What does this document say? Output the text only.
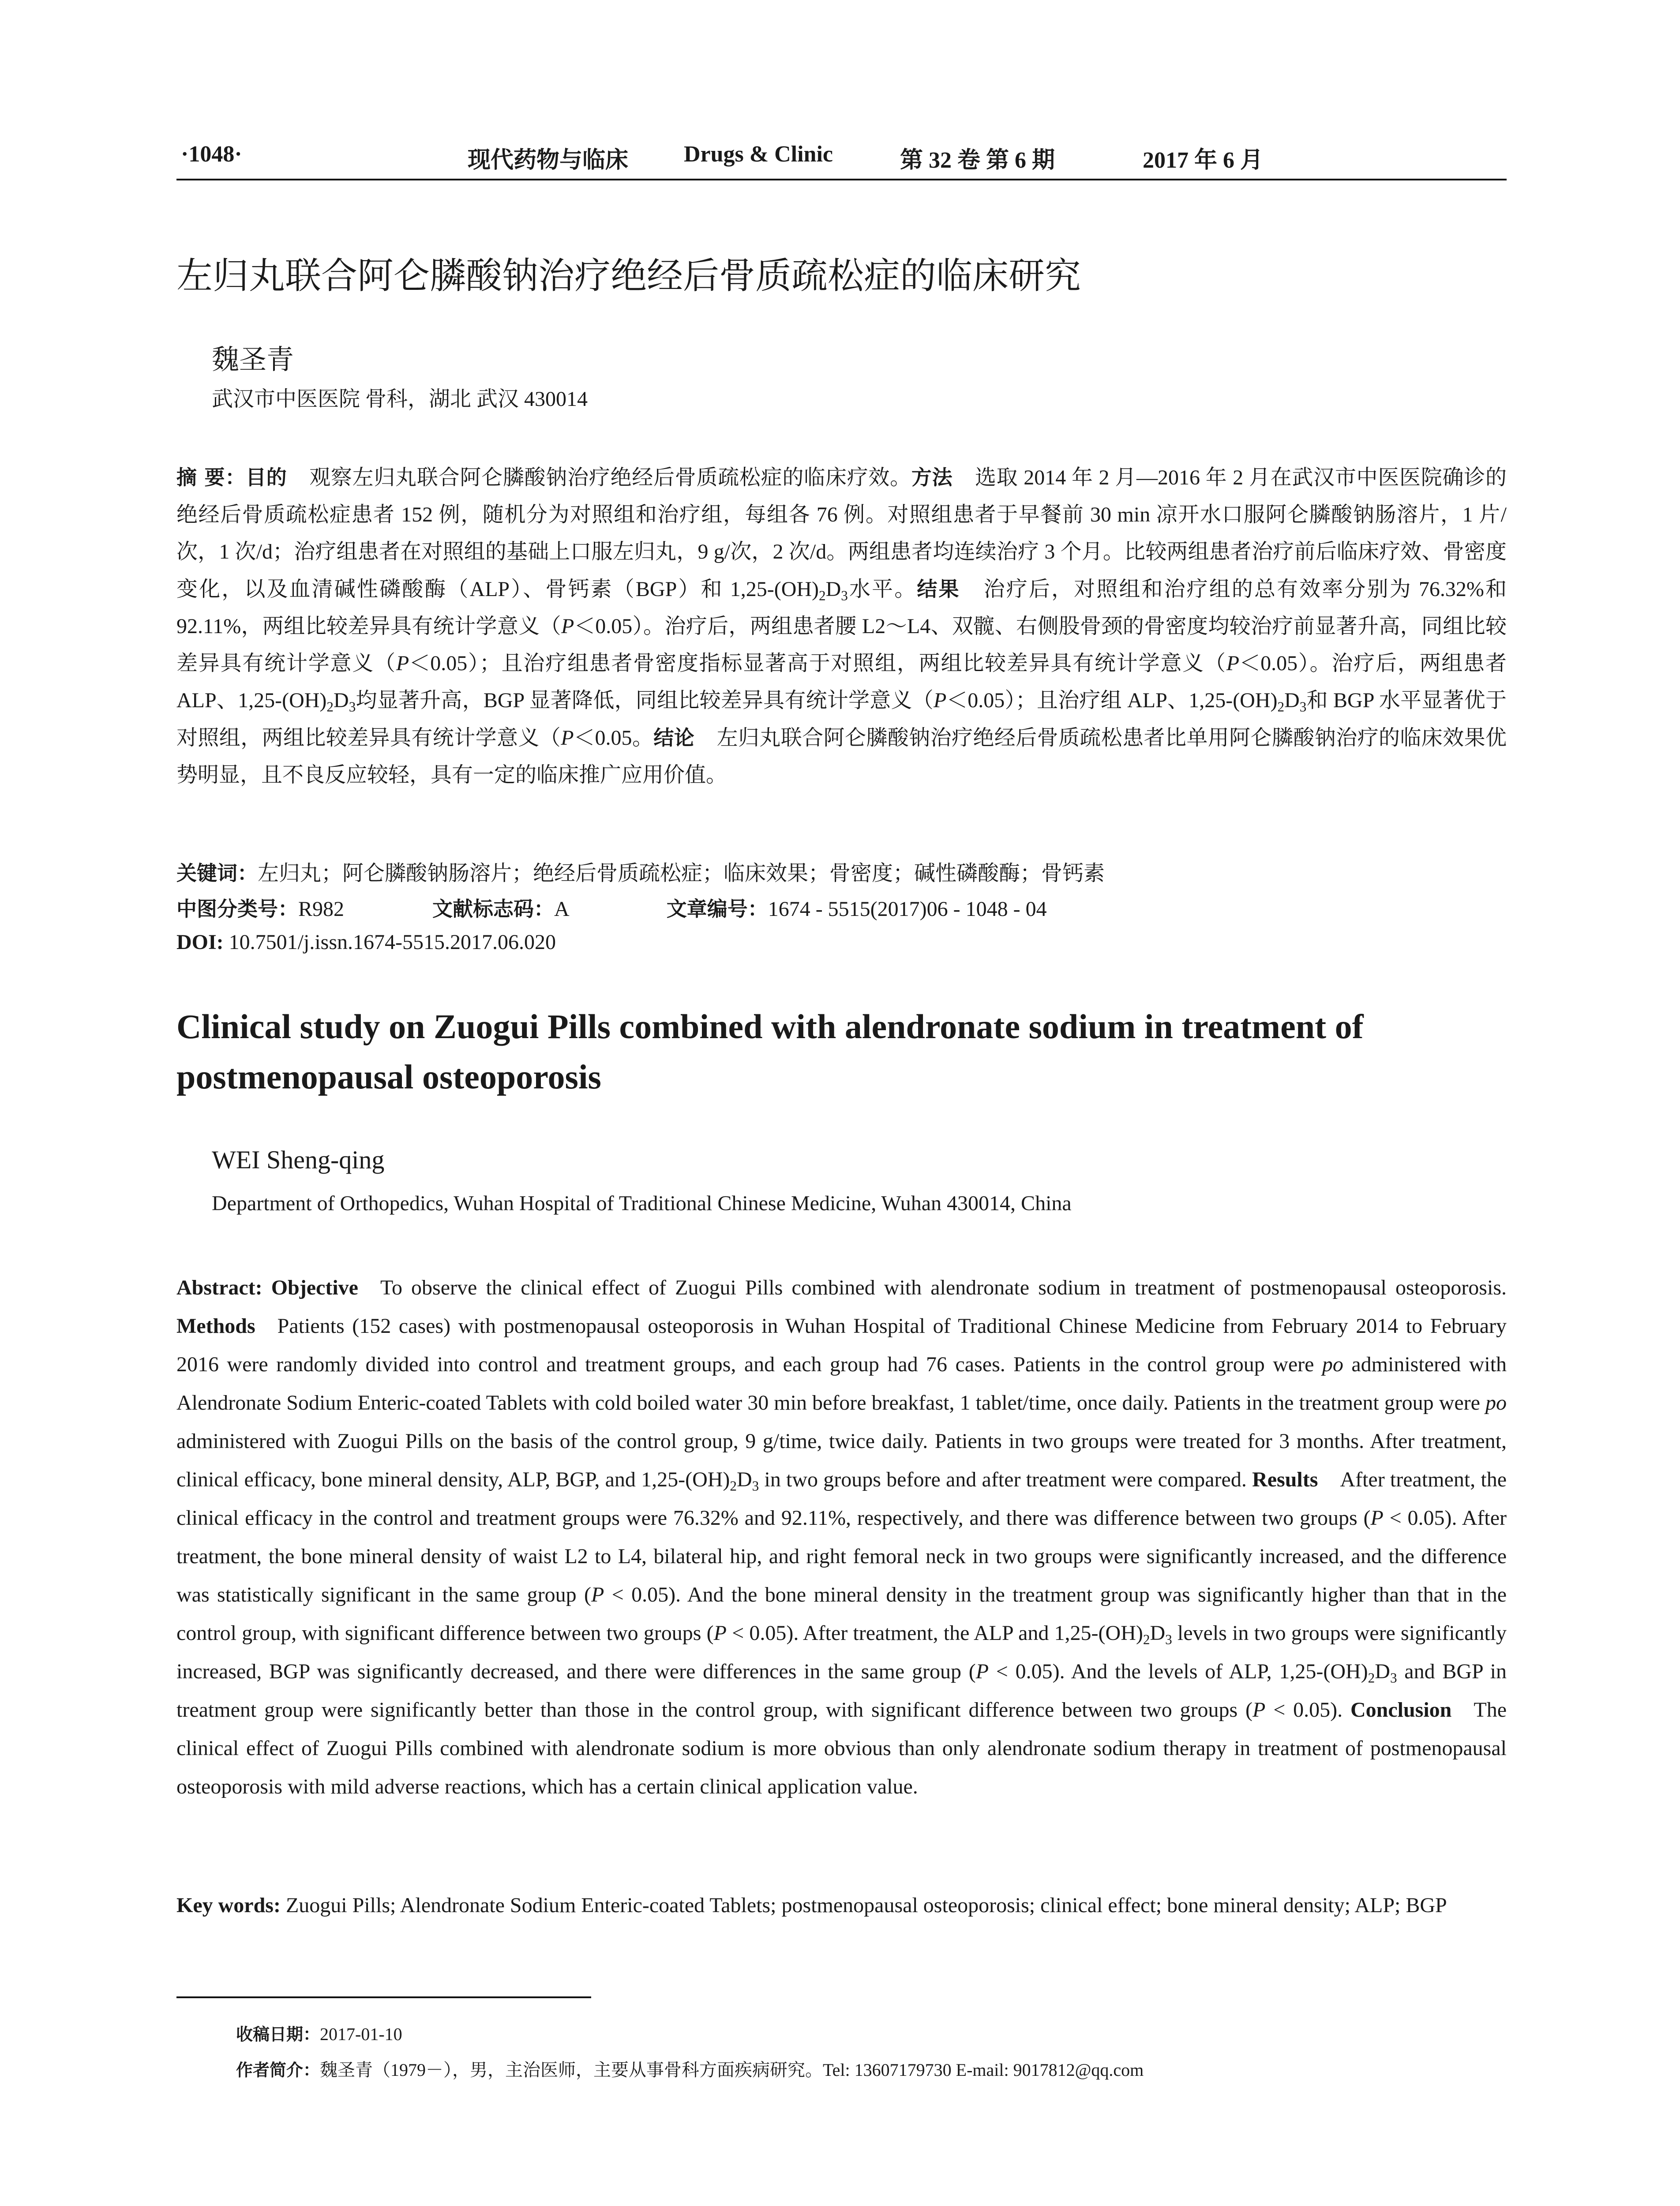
·1048·	现代药物与临床 Drugs & Clinic	第 32 卷 第 6 期	2017 年 6 月
左归丸联合阿仑膦酸钠治疗绝经后骨质疏松症的临床研究

魏圣青

武汉市中医医院 骨科，湖北 武汉 430014

摘 要：目的 观察左归丸联合阿仑膦酸钠治疗绝经后骨质疏松症的临床疗效。方法 选取 2014 年 2 月—2016 年 2 月在武汉市中医医院确诊的绝经后骨质疏松症患者 152 例，随机分为对照组和治疗组，每组各 76 例。对照组患者于早餐前 30 min 凉开水口服阿仑膦酸钠肠溶片，1 片/次，1 次/d；治疗组患者在对照组的基础上口服左归丸，9 g/次，2 次/d。两组患者均连续治疗 3 个月。比较两组患者治疗前后临床疗效、骨密度变化，以及血清碱性磷酸酶（ALP）、骨钙素（BGP）和 $1,25-(OH)_2D_3$水平。结果 治疗后，对照组和治疗组的总有效率分别为 76.32%和 92.11%，两组比较差异具有统计学意义（P＜0.05）。治疗后，两组患者腰 L2～L4、双髋、右侧股骨颈的骨密度均较治疗前显著升高，同组比较差异具有统计学意义（P＜0.05）；且治疗组患者骨密度指标显著高于对照组，两组比较差异具有统计学意义（P＜0.05）。治疗后，两组患者 ALP、$1,25-(OH)_2D_3$均显著升高，BGP 显著降低，同组比较差异具有统计学意义（P＜0.05）；且治疗组 ALP、$1,25-(OH)_2D_3$和 BGP 水平显著优于对照组，两组比较差异具有统计学意义（P＜0.05。结论 左归丸联合阿仑膦酸钠治疗绝经后骨质疏松患者比单用阿仑膦酸钠治疗的临床效果优势明显，且不良反应较轻，具有一定的临床推广应用价值。

关键词：左归丸；阿仑膦酸钠肠溶片；绝经后骨质疏松症；临床效果；骨密度；碱性磷酸酶；骨钙素

中图分类号：R982	文献标志码：A	文章编号：1674 - 5515(2017)06 - 1048 - 04

DOI: 10.7501/j.issn.1674-5515.2017.06.020

Clinical study on Zuogui Pills combined with alendronate sodium in treatment of postmenopausal osteoporosis

WEI Sheng-qing

Department of Orthopedics, Wuhan Hospital of Traditional Chinese Medicine, Wuhan 430014, China

Abstract: Objective To observe the clinical effect of Zuogui Pills combined with alendronate sodium in treatment of postmenopausal osteoporosis. Methods Patients (152 cases) with postmenopausal osteoporosis in Wuhan Hospital of Traditional Chinese Medicine from February 2014 to February 2016 were randomly divided into control and treatment groups, and each group had 76 cases. Patients in the control group were po administered with Alendronate Sodium Enteric-coated Tablets with cold boiled water 30 min before breakfast, 1 tablet/time, once daily. Patients in the treatment group were po administered with Zuogui Pills on the basis of the control group, 9 g/time, twice daily. Patients in two groups were treated for 3 months. After treatment, clinical efficacy, bone mineral density, ALP, BGP, and $1,25-(OH)_2D_3$ in two groups before and after treatment were compared. Results After treatment, the clinical efficacy in the control and treatment groups were 76.32% and 92.11%, respectively, and there was difference between two groups (P < 0.05). After treatment, the bone mineral density of waist L2 to L4, bilateral hip, and right femoral neck in two groups were significantly increased, and the difference was statistically significant in the same group (P < 0.05). And the bone mineral density in the treatment group was significantly higher than that in the control group, with significant difference between two groups (P < 0.05). After treatment, the ALP and $1,25-(OH)_2D_3$ levels in two groups were significantly increased, BGP was significantly decreased, and there were differences in the same group (P < 0.05). And the levels of ALP, $1,25-(OH)_2D_3$ and BGP in treatment group were significantly better than those in the control group, with significant difference between two groups (P < 0.05). Conclusion The clinical effect of Zuogui Pills combined with alendronate sodium is more obvious than only alendronate sodium therapy in treatment of postmenopausal osteoporosis with mild adverse reactions, which has a certain clinical application value.

Key words: Zuogui Pills; Alendronate Sodium Enteric-coated Tablets; postmenopausal osteoporosis; clinical effect; bone mineral density; ALP; BGP

收稿日期：2017-01-10

作者简介：魏圣青（1979－），男，主治医师，主要从事骨科方面疾病研究。Tel: 13607179730 E-mail: 9017812@qq.com
